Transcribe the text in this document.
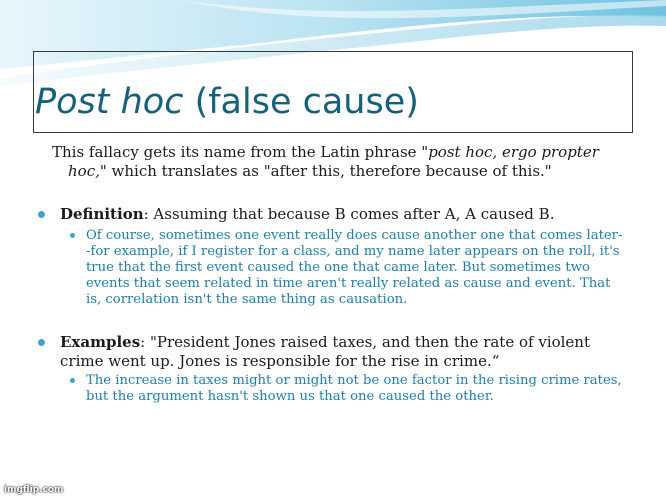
Post hoc (false cause)
This fallacy gets its name from the Latin phrase "post hoc, ergo propter
hoc," which translates as "after this, therefore because of this."
Definition: Assuming that because B comes after A, A caused B.
Of course, sometimes one event really does cause another one that comes later--for example, if I register for a class, and my name later appears on the roll, it's true that the first event caused the one that came later. But sometimes two events that seem related in time aren't really related as cause and event. That is, correlation isn't the same thing as causation.
Examples: "President Jones raised taxes, and then the rate of violent crime went up. Jones is responsible for the rise in crime.“
The increase in taxes might or might not be one factor in the rising crime rates, but the argument hasn't shown us that one caused the other.
imgflip.com
